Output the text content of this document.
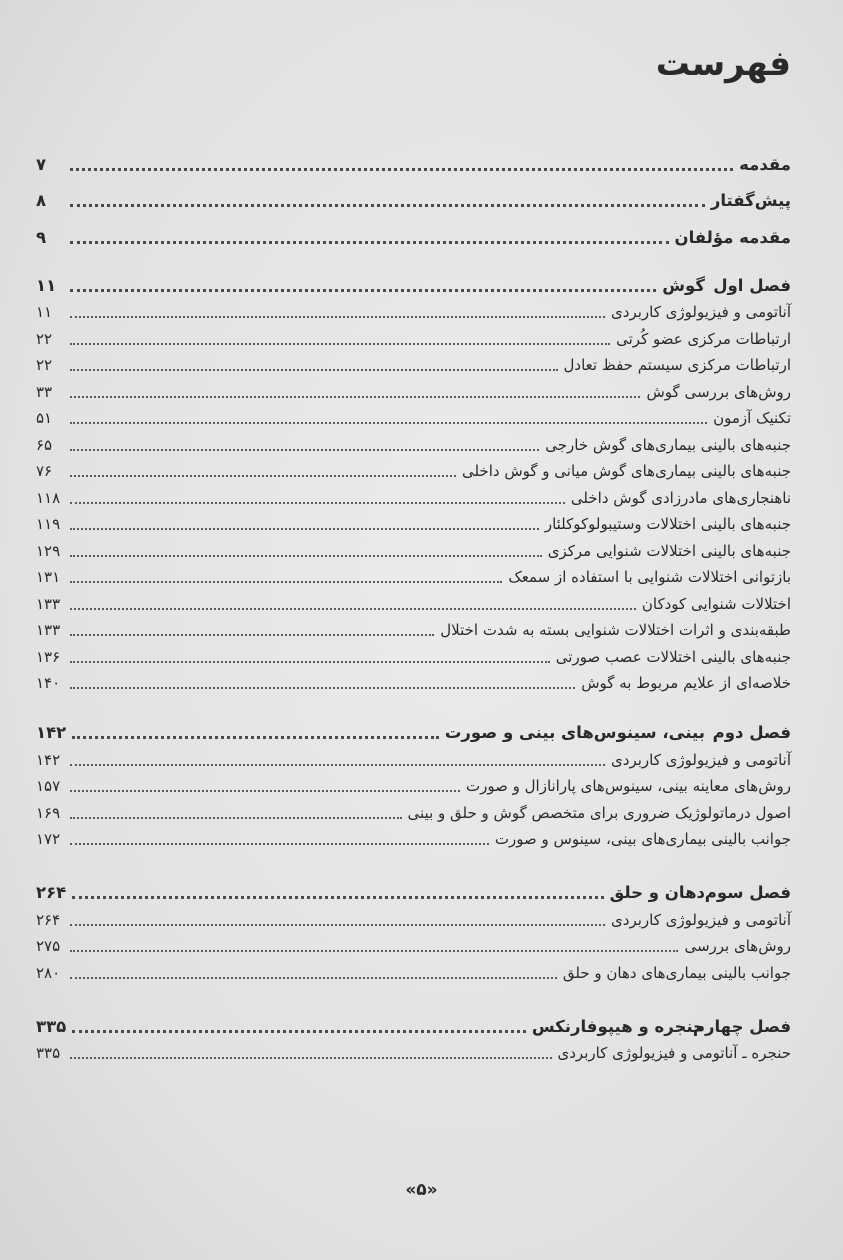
فهرست
مقدمه
۷
پیش‌گفتار
۸
مقدمه مؤلفان
۹
فصل اول
گوش
۱۱
آناتومی و فیزیولوژی کاربردی
۱۱
ارتباطات مرکزی عضو کُرتی
۲۲
ارتباطات مرکزی سیستم حفظ تعادل
۲۲
روش‌های بررسی گوش
۳۳
تکنیک آزمون
۵۱
جنبه‌های بالینی بیماری‌های گوش خارجی
۶۵
جنبه‌های بالینی بیماری‌های گوش میانی و گوش داخلی
۷۶
ناهنجاری‌های مادرزادی گوش داخلی
۱۱۸
جنبه‌های بالینی اختلالات وستیبولوکوکلئار
۱۱۹
جنبه‌های بالینی اختلالات شنوایی مرکزی
۱۲۹
بازتوانی اختلالات شنوایی با استفاده از سمعک
۱۳۱
اختلالات شنوایی کودکان
۱۳۳
طبقه‌بندی و اثرات اختلالات شنوایی بسته به شدت اختلال
۱۳۳
جنبه‌های بالینی اختلالات عصب صورتی
۱۳۶
خلاصه‌ای از علایم مربوط به گوش
۱۴۰
فصل دوم
بینی، سینوس‌های بینی و صورت
۱۴۲
آناتومی و فیزیولوژی کاربردی
۱۴۲
روش‌های معاینه بینی، سینوس‌های پارانازال و صورت
۱۵۷
اصول درماتولوژیک ضروری برای متخصص گوش و حلق و بینی
۱۶۹
جوانب بالینی بیماری‌های بینی، سینوس و صورت
۱۷۲
فصل سوم
دهان و حلق
۲۶۴
آناتومی و فیزیولوژی کاربردی
۲۶۴
روش‌های بررسی
۲۷۵
جوانب بالینی بیماری‌های دهان و حلق
۲۸۰
فصل چهارم
حنجره و هیپوفارنکس
۳۳۵
حنجره ـ آناتومی و فیزیولوژی کاربردی
۳۳۵
«۵»
